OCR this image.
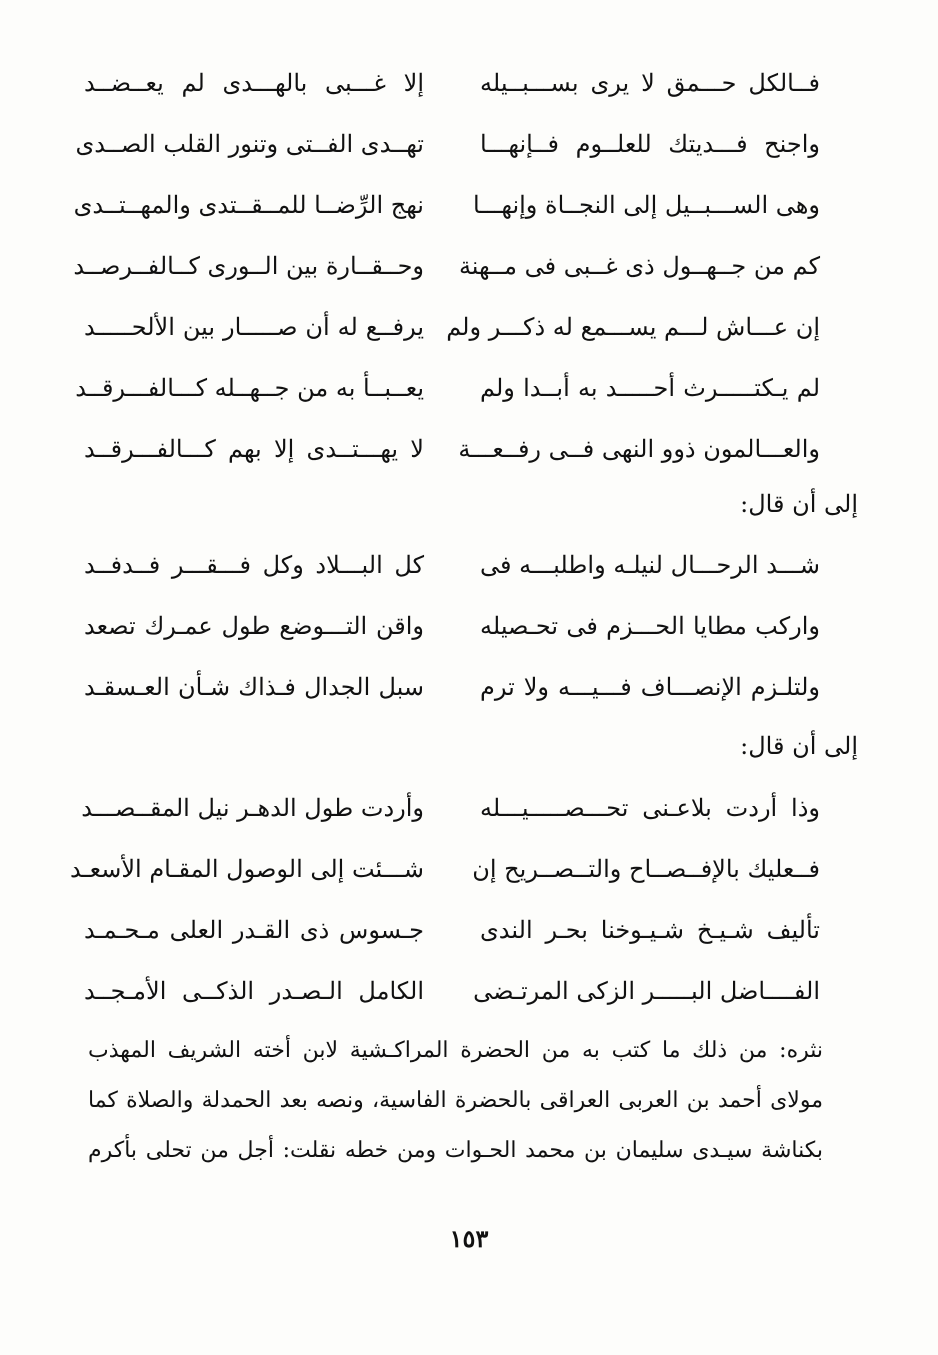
فــالكل حـــمق لا يرى بســـبــيله
إلا غـــبى بالهـــدى لم يعــضــد
واجنح فـــديتك للعلــوم فــإنهـــا
تهــدى الفــتى وتنور القلب الصــدى
وهى الســـبــيل إلى النجــاة وإنهـــا
نهج الرِّضــا للمــقــتدى والمهــتــدى
كم من جــهــول ذى غــبى فى مــهنة
وحــقــارة بين الــورى كــالفــرصــد
إن عـــاش لـــم يســـمع له ذكـــر ولم
يرفــع له أن صـــــار بين الألحـــــد
لم يـكتـــــرث أحـــــد به أبــدا ولم
يعــبــأ به من جــهــله كـــالفـــرقــد
والعـــالمون ذوو النهى فــى رفــعـــة
لا يهـــتــدى إلا بهم كـــالفـــرقــد
إلى أن قال:
شـــد الرحـــال لنيلـه واطلبـــه فى
كل البـــلاد وكل فـــقـــر فــدفــد
واركب مطايا الحـــزم فى تحـصيله
واقن التـــوضع طول عمـرك تصعد
ولتلـزم الإنصـــاف فـــيـــه ولا ترم
سبل الجدال فـذاك شـأن العـسقـد
إلى أن قال:
وذا أردت بلاعـنى تحـــصـــــيـــله
وأردت طول الدهـر نيل المقــصـــد
فــعليك بالإفــصــاح والتــصــريح إن
شـــئت إلى الوصول المقـام الأسعـد
تأليف شـيـخ شـيـوخنا بحـر الندى
جـسوس ذى القـدر العلى مـحـمـد
الفــــاضل البـــــر الزكى المرتـضى
الكامل الـصـدر الذكــى الأمـجــد
نثره: من ذلك ما كتب به من الحضرة المراكـشية لابن أخته الشريف المهذب
مولاى أحمد بن العربى العراقى بالحضرة الفاسية، ونصه بعد الحمدلة والصلاة كما
بكناشة سيـدى سليمان بن محمد الحـوات ومن خطه نقلت: أجل من تحلى بأكرم
١٥٣
